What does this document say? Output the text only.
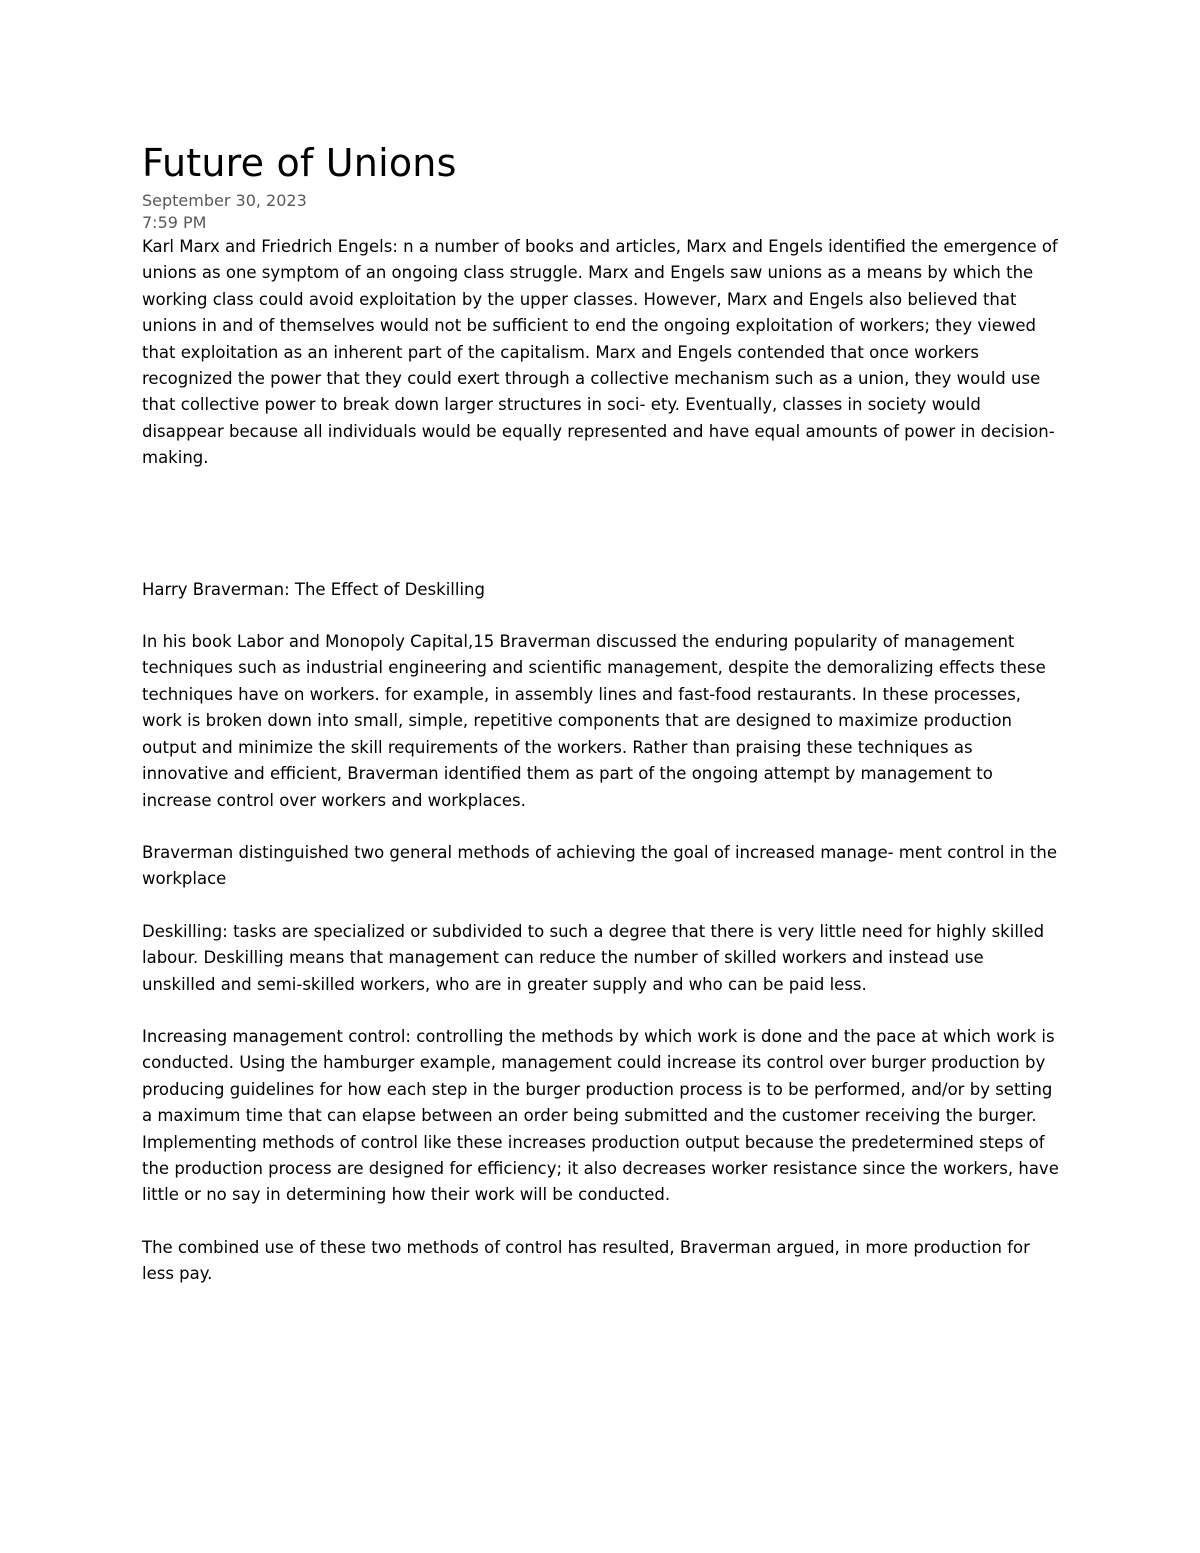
Future of Unions
September 30, 2023
7:59 PM

Karl Marx and Friedrich Engels: n a number of books and articles, Marx and Engels identified the emergence of unions as one symptom of an ongoing class struggle. Marx and Engels saw unions as a means by which the working class could avoid exploitation by the upper classes. However, Marx and Engels also believed that unions in and of themselves would not be sufficient to end the ongoing exploitation of workers; they viewed that exploitation as an inherent part of the capitalism. Marx and Engels contended that once workers recognized the power that they could exert through a collective mechanism such as a union, they would use that collective power to break down larger structures in soci- ety. Eventually, classes in society would disappear because all individuals would be equally represented and have equal amounts of power in decision-making.

Harry Braverman: The Effect of Deskilling

In his book Labor and Monopoly Capital,15 Braverman discussed the enduring popularity of management techniques such as industrial engineering and scientific management, despite the demoralizing effects these techniques have on workers. for example, in assembly lines and fast-food restaurants. In these processes, work is broken down into small, simple, repetitive components that are designed to maximize production output and minimize the skill requirements of the workers. Rather than praising these techniques as innovative and efficient, Braverman identified them as part of the ongoing attempt by management to increase control over workers and workplaces.

Braverman distinguished two general methods of achieving the goal of increased manage- ment control in the workplace

Deskilling: tasks are specialized or subdivided to such a degree that there is very little need for highly skilled labour. Deskilling means that management can reduce the number of skilled workers and instead use unskilled and semi-skilled workers, who are in greater supply and who can be paid less.

Increasing management control: controlling the methods by which work is done and the pace at which work is conducted. Using the hamburger example, management could increase its control over burger production by producing guidelines for how each step in the burger production process is to be performed, and/or by setting a maximum time that can elapse between an order being submitted and the customer receiving the burger. Implementing methods of control like these increases production output because the predetermined steps of the production process are designed for efficiency; it also decreases worker resistance since the workers, have little or no say in determining how their work will be conducted.

The combined use of these two methods of control has resulted, Braverman argued, in more production for less pay.
